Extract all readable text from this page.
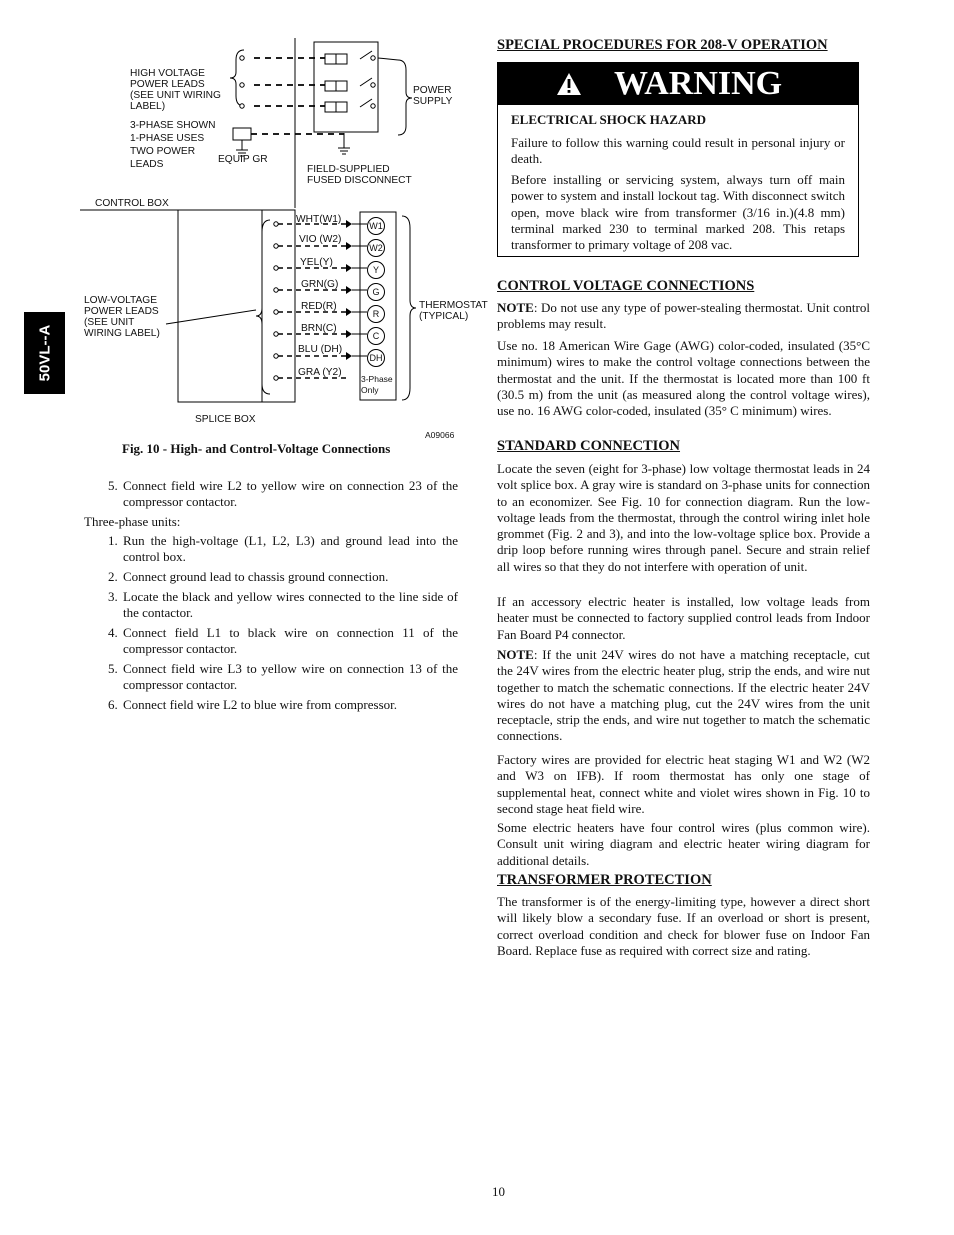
50VL--A
HIGH VOLTAGE
POWER LEADS
(SEE UNIT WIRING
LABEL)
3-PHASE SHOWN
1-PHASE USES
TWO POWER
LEADS	EQUIP GR
POWER
SUPPLY
FIELD-SUPPLIED
FUSED DISCONNECT
CONTROL BOX
LOW-VOLTAGE
POWER LEADS
(SEE UNIT
WIRING LABEL)
THERMOSTAT
(TYPICAL)
SPLICE BOX
A09066
3-Phase
Only
WHT(W1)
VIO (W2)
YEL(Y)
GRN(G)
RED(R)
BRN(C)
BLU (DH)
GRA (Y2)
W1
W2
Y
G
R
C
DH
Fig. 10 - High- and Control-Voltage Connections
5. Connect field wire L2 to yellow wire on connection 23 of the compressor contactor.
Three-phase units:
1. Run the high-voltage (L1, L2, L3) and ground lead into the control box.
2. Connect ground lead to chassis ground connection.
3. Locate the black and yellow wires connected to the line side of the contactor.
4. Connect field L1 to black wire on connection 11 of the compressor contactor.
5. Connect field wire L3 to yellow wire on connection 13 of the compressor contactor.
6. Connect field wire L2 to blue wire from compressor.
SPECIAL PROCEDURES FOR 208-V OPERATION
WARNING
ELECTRICAL SHOCK HAZARD
Failure to follow this warning could result in personal injury or death.
Before installing or servicing system, always turn off main power to system and install lockout tag. With disconnect switch open, move black wire from transformer (3/16 in.)(4.8 mm) terminal marked 230 to terminal marked 208. This retaps transformer to primary voltage of 208 vac.
CONTROL VOLTAGE CONNECTIONS
NOTE: Do not use any type of power-stealing thermostat. Unit control problems may result.
Use no. 18 American Wire Gage (AWG) color-coded, insulated (35°C minimum) wires to make the control voltage connections between the thermostat and the unit. If the thermostat is located more than 100 ft (30.5 m) from the unit (as measured along the control voltage wires), use no. 16 AWG color-coded, insulated (35° C minimum) wires.
STANDARD CONNECTION
Locate the seven (eight for 3-phase) low voltage thermostat leads in 24 volt splice box. A gray wire is standard on 3-phase units for connection to an economizer. See Fig. 10 for connection diagram. Run the low-voltage leads from the thermostat, through the control wiring inlet hole grommet (Fig. 2 and 3), and into the low-voltage splice box. Provide a drip loop before running wires through panel. Secure and strain relief all wires so that they do not interfere with operation of unit.
If an accessory electric heater is installed, low voltage leads from heater must be connected to factory supplied control leads from Indoor Fan Board P4 connector.
NOTE: If the unit 24V wires do not have a matching receptacle, cut the 24V wires from the electric heater plug, strip the ends, and wire nut together to match the schematic connections. If the electric heater 24V wires do not have a matching plug, cut the 24V wires from the unit receptacle, strip the ends, and wire nut together to match the schematic connections.
Factory wires are provided for electric heat staging W1 and W2 (W2 and W3 on IFB). If room thermostat has only one stage of supplemental heat, connect white and violet wires shown in Fig. 10 to second stage heat field wire.
Some electric heaters have four control wires (plus common wire). Consult unit wiring diagram and electric heater wiring diagram for additional details.
TRANSFORMER PROTECTION
The transformer is of the energy-limiting type, however a direct short will likely blow a secondary fuse. If an overload or short is present, correct overload condition and check for blower fuse on Indoor Fan Board. Replace fuse as required with correct size and rating.
10
